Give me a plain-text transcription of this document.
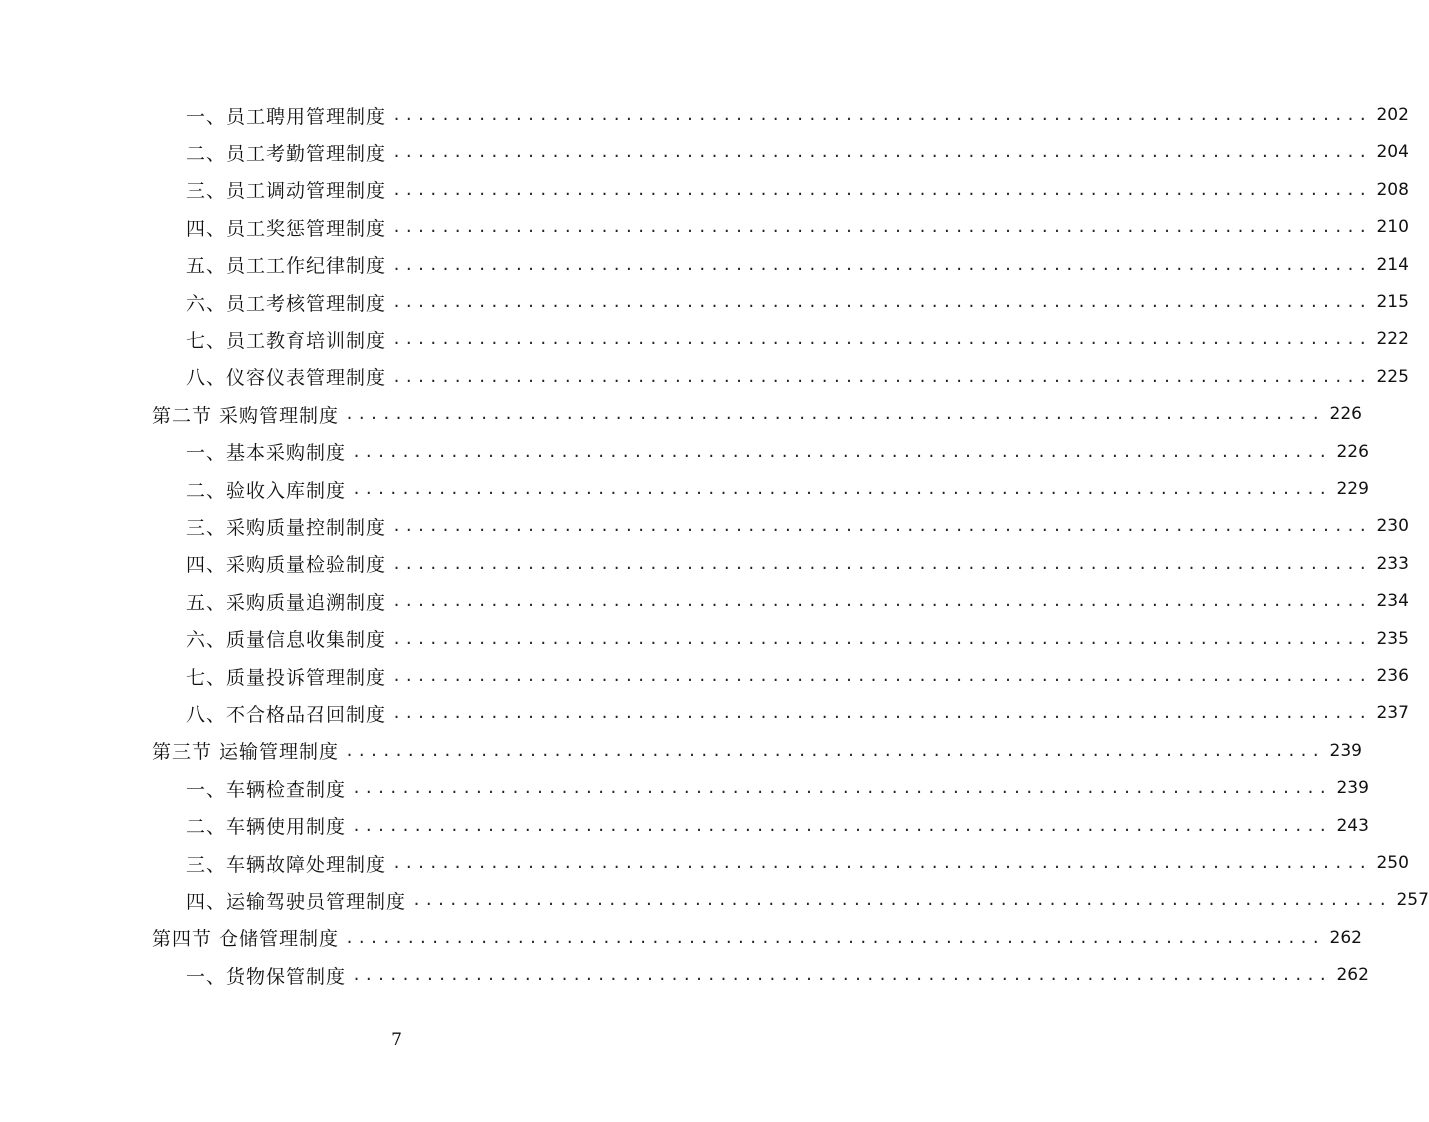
一、员工聘用管理制度 ................................................................................ 202
二、员工考勤管理制度 ................................................................................ 204
三、员工调动管理制度 ................................................................................ 208
四、员工奖惩管理制度 ................................................................................ 210
五、员工工作纪律制度 ................................................................................ 214
六、员工考核管理制度 ................................................................................ 215
七、员工教育培训制度 ................................................................................ 222
八、仪容仪表管理制度 ................................................................................ 225
第二节 采购管理制度 ................................................................................ 226
一、基本采购制度 ................................................................................ 226
二、验收入库制度 ................................................................................ 229
三、采购质量控制制度 ................................................................................ 230
四、采购质量检验制度 ................................................................................ 233
五、采购质量追溯制度 ................................................................................ 234
六、质量信息收集制度 ................................................................................ 235
七、质量投诉管理制度 ................................................................................ 236
八、不合格品召回制度 ................................................................................ 237
第三节 运输管理制度 ................................................................................ 239
一、车辆检查制度 ................................................................................ 239
二、车辆使用制度 ................................................................................ 243
三、车辆故障处理制度 ................................................................................ 250
四、运输驾驶员管理制度 ................................................................................ 257
第四节 仓储管理制度 ................................................................................ 262
一、货物保管制度 ................................................................................ 262
7
